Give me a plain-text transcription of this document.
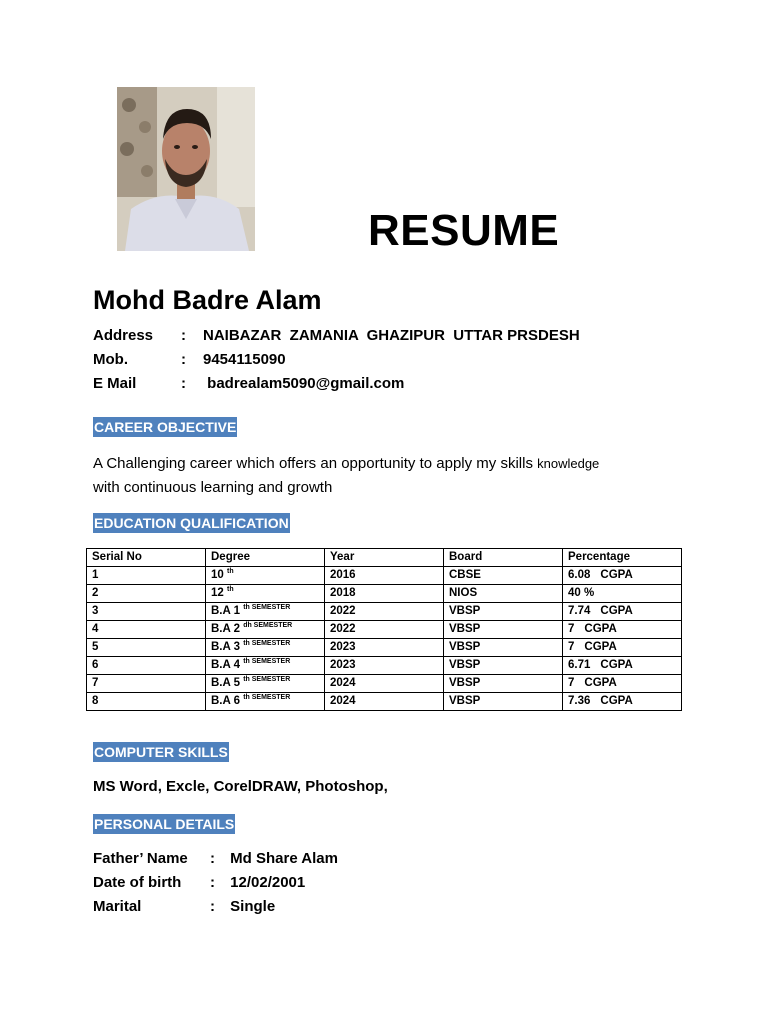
RESUME
Mohd Badre Alam
Address : NAIBAZAR  ZAMANIA  GHAZIPUR  UTTAR PRSDESH
Mob.	: 9454115090
E Mail	: badrealam5090@gmail.com
CAREER OBJECTIVE
A Challenging career which offers an opportunity to apply my skills knowledge
with continuous learning and growth
EDUCATION QUALIFICATION
Serial No	Degree	Year	Board	Percentage
1	10 $^{th}$	2016	CBSE	6.08 CGPA
2	12 $^{th}$	2018	NIOS	40 %
3	B.A 1 $^{th SEMESTER}$	2022	VBSP	7.74 CGPA
4	B.A 2 $^{dh SEMESTER}$	2022	VBSP	7 CGPA
5	B.A 3 $^{th SEMESTER}$	2023	VBSP	7 CGPA
6	B.A 4 $^{th SEMESTER}$	2023	VBSP	6.71 CGPA
7	B.A 5 $^{th SEMESTER}$	2024	VBSP	7 CGPA
8	B.A 6 $^{th SEMESTER}$	2024	VBSP	7.36 CGPA
COMPUTER SKILLS
MS Word, Excle, CorelDRAW, Photoshop,
PERSONAL DETAILS
Father’ Name : Md Share Alam
Date of birth : 12/02/2001
Marital	: Single
